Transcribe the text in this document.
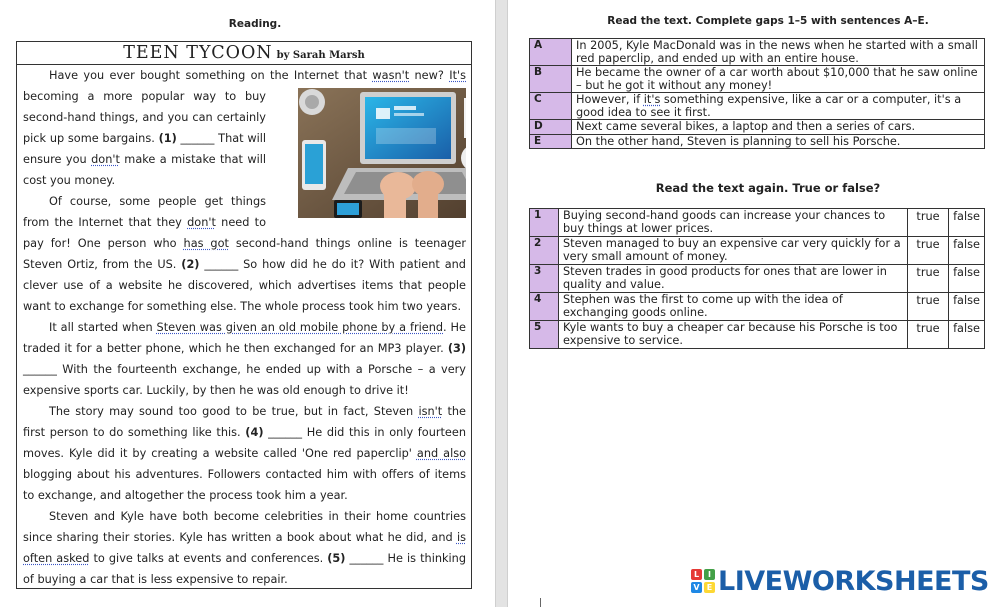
Reading.
TEEN TYCOON by Sarah Marsh

Have you ever bought something on the Internet that wasn't new? It's
becoming a more popular way to buy second-hand things, and you can certainly pick up some bargains. (1) ______ That will ensure you don't make a mistake that will cost you money.

Of course, some people get things from the Internet that they don't need to pay for! One person who has got second-hand things online is teenager Steven Ortiz, from the US. (2) ______ So how did he do it? With patient and clever use of a website he discovered, which advertises items that people want to exchange for something else. The whole process took him two years.

It all started when Steven was given an old mobile phone by a friend. He traded it for a better phone, which he then exchanged for an MP3 player. (3) ______ With the fourteenth exchange, he ended up with a Porsche – a very expensive sports car. Luckily, by then he was old enough to drive it!

The story may sound too good to be true, but in fact, Steven isn't the first person to do something like this. (4) ______ He did this in only fourteen moves. Kyle did it by creating a website called 'One red paperclip' and also blogging about his adventures. Followers contacted him with offers of items to exchange, and altogether the process took him a year.

Steven and Kyle have both become celebrities in their home countries since sharing their stories. Kyle has written a book about what he did, and is often asked to give talks at events and conferences. (5) ______ He is thinking of buying a car that is less expensive to repair.

Read the text. Complete gaps 1–5 with sentences A–E.
A	In 2005, Kyle MacDonald was in the news when he started with a small red paperclip, and ended up with an entire house.
B	He became the owner of a car worth about $10,000 that he saw online – but he got it without any money!
C	However, if it's something expensive, like a car or a computer, it's a good idea to see it first.
D	Next came several bikes, a laptop and then a series of cars.
E	On the other hand, Steven is planning to sell his Porsche.
Read the text again. True or false?
1	Buying second-hand goods can increase your chances to buy things at lower prices.	true	false
2	Steven managed to buy an expensive car very quickly for a very small amount of money.	true	false
3	Steven trades in good products for ones that are lower in quality and value.	true	false
4	Stephen was the first to come up with the idea of exchanging goods online.	true	false
5	Kyle wants to buy a cheaper car because his Porsche is too expensive to service.	true	false
L	I
V E LIVEWORKSHEETS
